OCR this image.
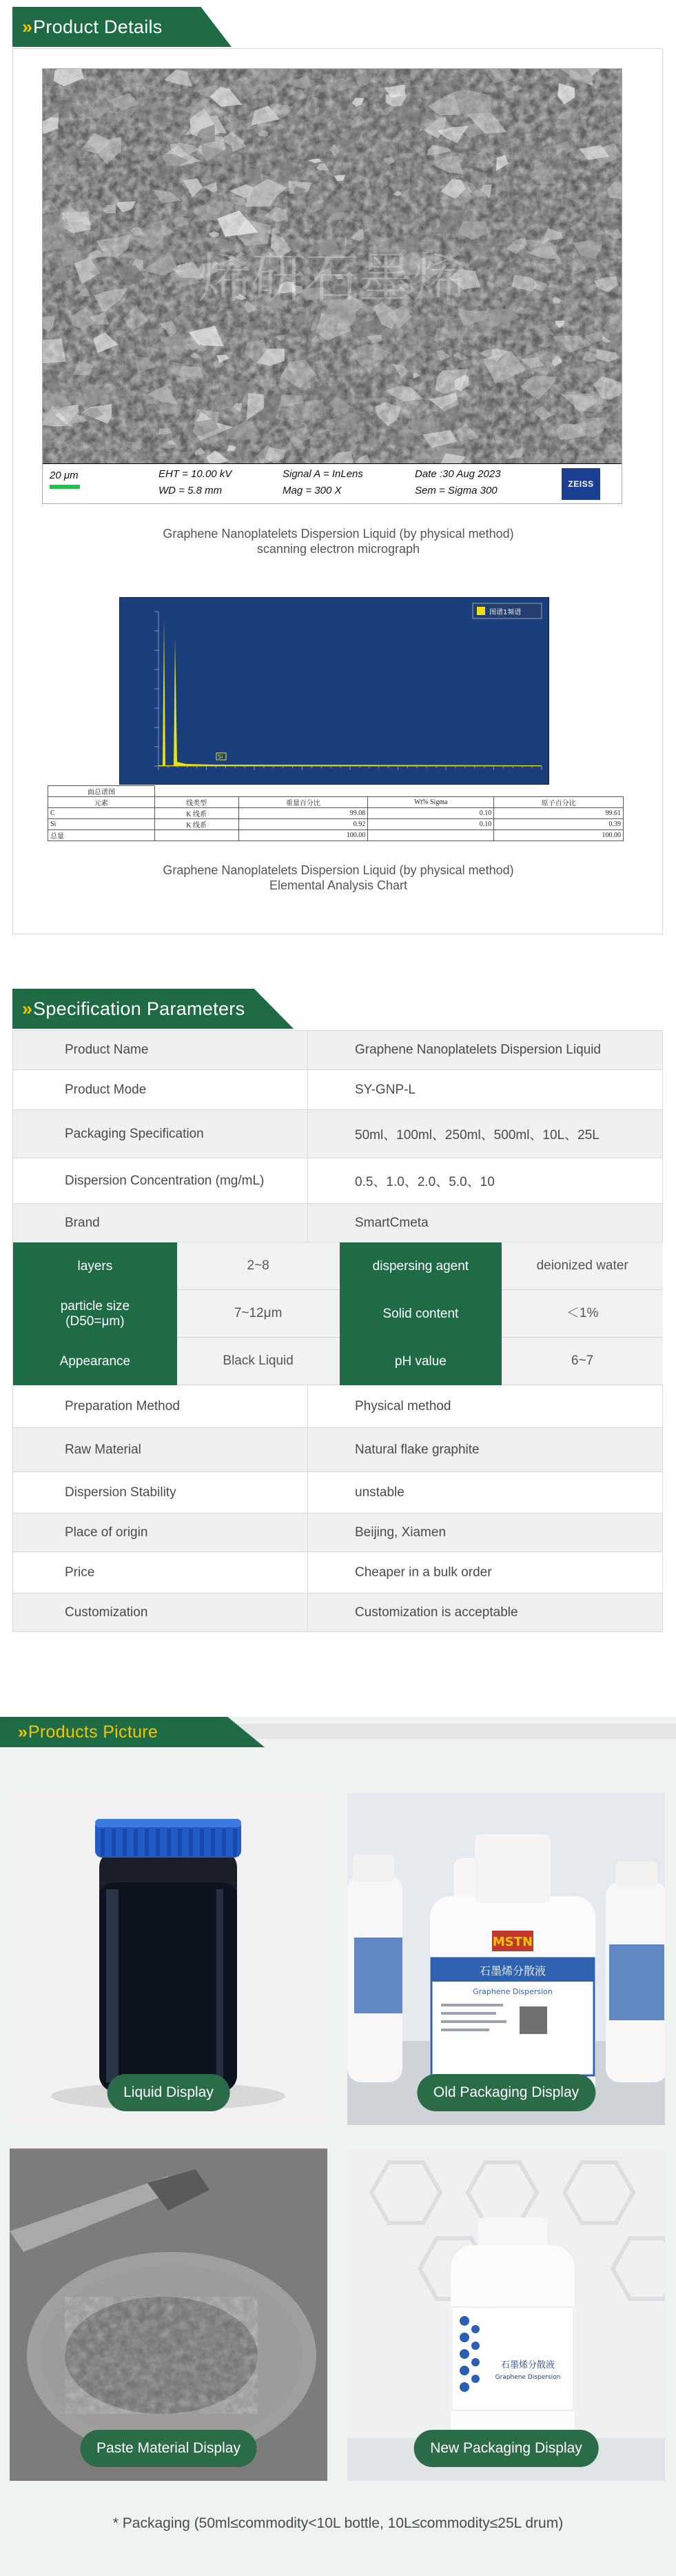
» Product Details
烯研石墨烯
20 μm	EHT = 10.00 kV
WD = 5.8 mm
Signal A = InLens
Mag = 300 X
Date :30 Aug 2023
Sem = Sigma 300
ZEISS
Graphene Nanoplatelets Dispersion Liquid (by physical method)
scanning electron micrograph
Si
图谱1频谱
面总谱图				
元素	线类型	重量百分比	Wt% Sigma	原子百分比
C	K 线系	99.08	0.10	99.61
Si	K 线系	0.92	0.10	0.39
总量		100.00		100.00
Graphene Nanoplatelets Dispersion Liquid (by physical method)
Elemental Analysis Chart
» Specification Parameters
Product Name	Graphene Nanoplatelets Dispersion Liquid
Product Mode	SY-GNP-L
Packaging Specification	50ml、100ml、250ml、500ml、10L、25L
Dispersion Concentration (mg/mL)	0.5、1.0、2.0、5.0、10
Brand	SmartCmeta
layers	2~8	dispersing agent	deionized water
particle size
(D50=μm)
7~12μm	Solid content	＜1%
Appearance	Black Liquid	pH value	6~7
Preparation Method	Physical method
Raw Material	Natural flake graphite
Dispersion Stability	unstable
Place of origin	Beijing, Xiamen
Price	Cheaper in a bulk order
Customization	Customization is acceptable
» Products Picture
Liquid Display
MSTN
石墨烯分散液
Graphene Dispersion
Old Packaging Display
Paste Material Display
石墨烯分散液
Graphene Dispersion
New Packaging Display
* Packaging (50ml≤commodity<10L bottle, 10L≤commodity≤25L drum)
